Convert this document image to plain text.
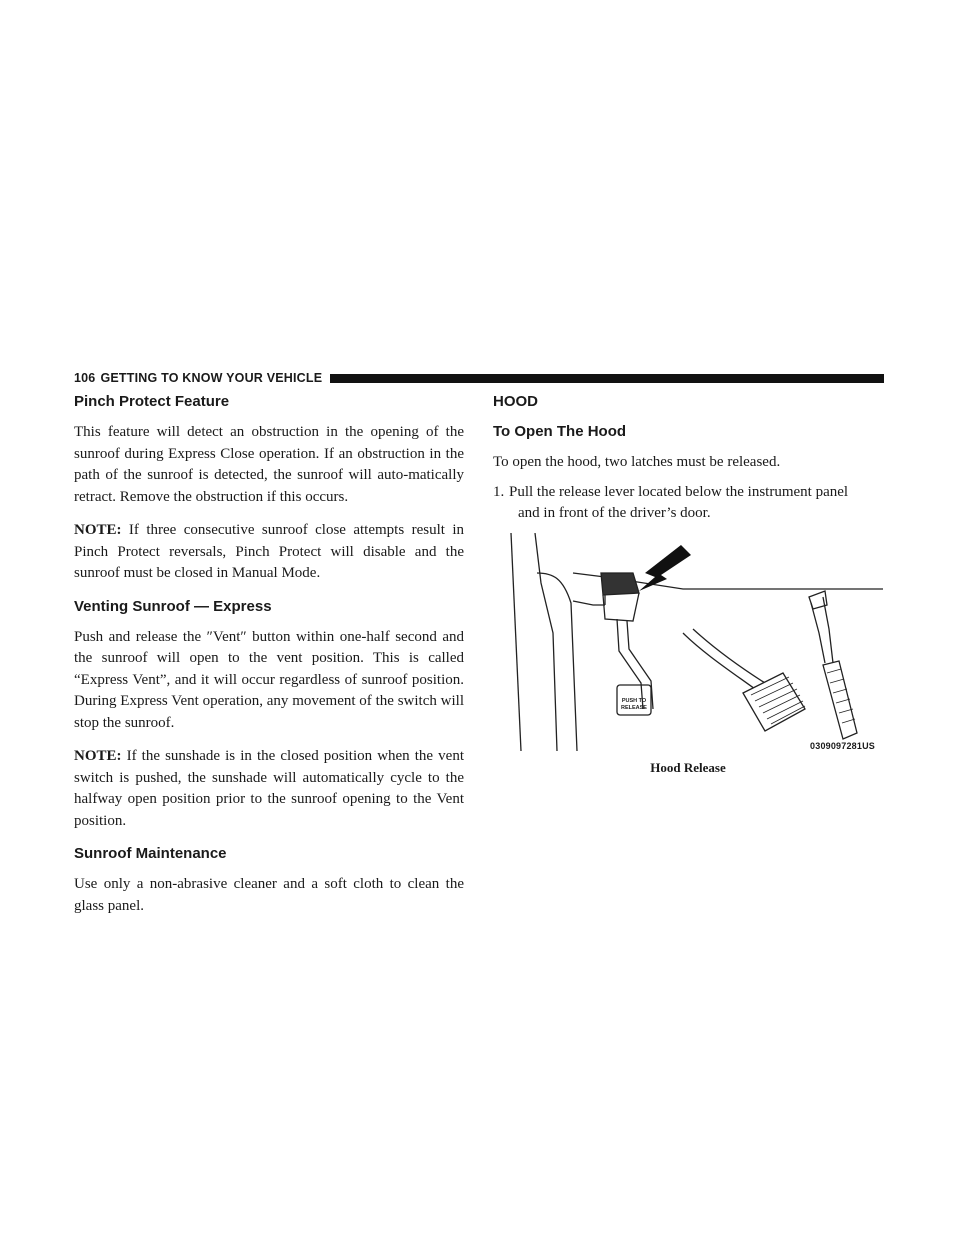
106 GETTING TO KNOW YOUR VEHICLE
Pinch Protect Feature

This feature will detect an obstruction in the opening of the sunroof during Express Close operation. If an obstruction in the path of the sunroof is detected, the sunroof will auto-matically retract. Remove the obstruction if this occurs.

NOTE: If three consecutive sunroof close attempts result in Pinch Protect reversals, Pinch Protect will disable and the sunroof must be closed in Manual Mode.

Venting Sunroof — Express

Push and release the ″Vent″ button within one-half second and the sunroof will open to the vent position. This is called “Express Vent”, and it will occur regardless of sunroof position. During Express Vent operation, any movement of the switch will stop the sunroof.

NOTE: If the sunshade is in the closed position when the vent switch is pushed, the sunshade will automatically cycle to the halfway open position prior to the sunroof opening to the Vent position.

Sunroof Maintenance

Use only a non-abrasive cleaner and a soft cloth to clean the glass panel.

HOOD
To Open The Hood

To open the hood, two latches must be released.

1. Pull the release lever located below the instrument panel
and in front of the driver’s door.
PUSH TO
RELEASE
0309097281US
Hood Release
